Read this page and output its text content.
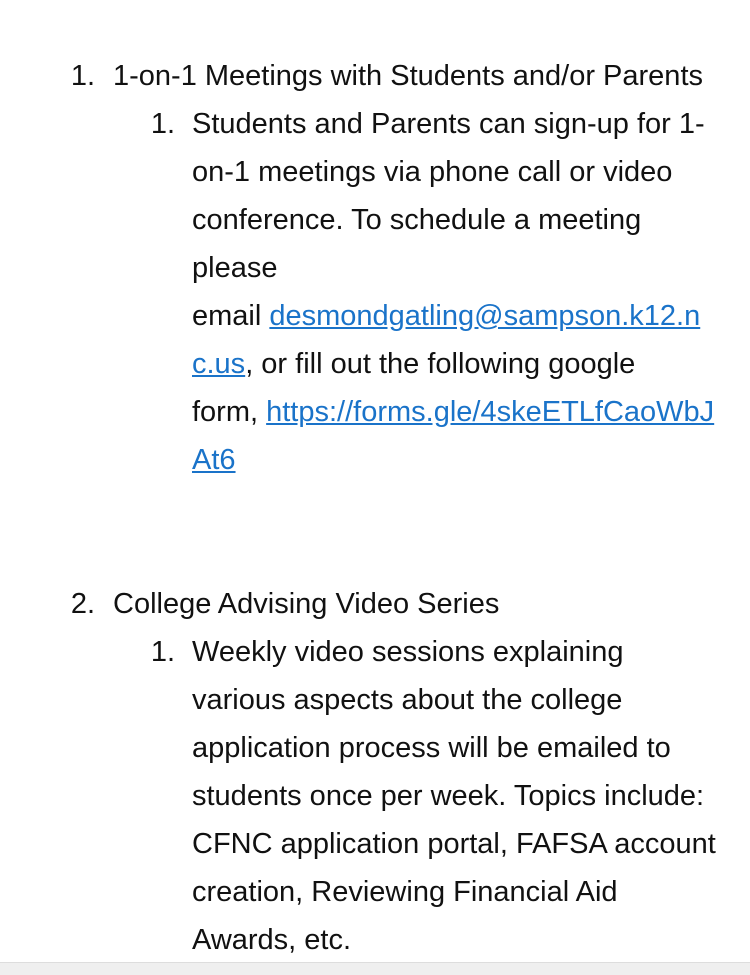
1. 1-on-1 Meetings with Students and/or Parents
1. Students and Parents can sign-up for 1-on-1 meetings via phone call or video conference. To schedule a meeting please
email desmondgatling@sampson.k12.nc.us, or fill out the following google
form, https://forms.gle/4skeETLfCaoWbJAt6
2. College Advising Video Series
1. Weekly video sessions explaining various aspects about the college application process will be emailed to students once per week. Topics include: CFNC application portal, FAFSA account creation, Reviewing Financial Aid Awards, etc.
